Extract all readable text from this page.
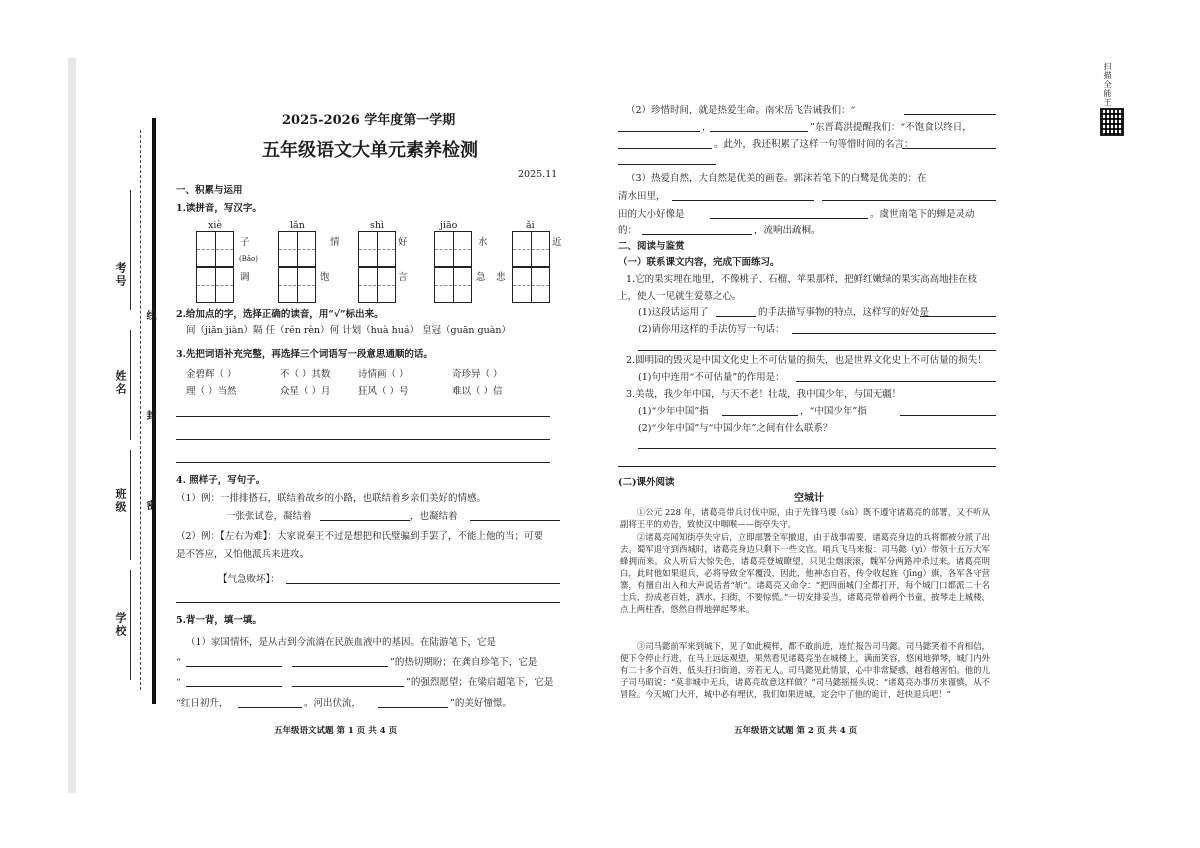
考号
姓名
班级
学校
线
封
密
2025-2026 学年度第一学期
五年级语文大单元素养检测
2025.11
一、积累与运用
1.读拼音，写汉字。
xiè	lǎn	shì	jiāo	ǎi
子	情	好	水	近
(Bǎo)
调	饱	言	急 悲
2.给加点的字，选择正确的读音，用“√”标出来。
间（jiān jiàn）隔 任（rén rèn）何 计划（huà huá） 皇冠（guān guàn）
3.先把词语补充完整，再选择三个词语写一段意思通顺的话。
金碧辉（ ）	不（ ）其数	诗情画（ ）	奇珍异（ ）
理（ ）当然	众星（ ）月	狂风（ ）号	难以（ ）信
4. 照样子，写句子。
（1）例：一排排搭石，联结着故乡的小路，也联结着乡亲们美好的情感。
一张张试卷，凝结着	，也凝结着
（2）例：【左右为难】：大家说秦王不过是想把和氏璧骗到手罢了，不能上他的当；可要
是不答应，又怕他派兵来进攻。
【气急败坏】：
5.背一背，填一填。
（1）家国情怀，是从古到今流淌在民族血液中的基因。在陆游笔下，它是
“	”的热切期盼；在龚自珍笔下，它是
“	”的强烈愿望；在梁启超笔下，它是
“红日初升，	。河出伏流，	”的美好憧憬。
五年级语文试题 第 1 页 共 4 页
（2）珍惜时间，就是热爱生命。南宋岳飞告诫我们：“
，	”东晋葛洪提醒我们：“不饱食以终日，
。此外，我还积累了这样一句等惜时间的名言：
（3）热爱自然，大自然是优美的画卷。郭沫若笔下的白鹭是优美的：在
清水田里，
田的大小好像是	。虞世南笔下的蝉是灵动
的：	，流响出疏桐。
二、阅读与鉴赏
（一）联系课文内容，完成下面练习。
1.它的果实埋在地里，不像桃子、石榴、苹果那样，把鲜红嫩绿的果实高高地挂在枝
上，使人一见就生爱慕之心。
(1)这段话运用了	的手法描写事物的特点，这样写的好处是
(2)请你用这样的手法仿写一句话：
2.圆明园的毁灭是中国文化史上不可估量的损失，也是世界文化史上不可估量的损失！
(1)句中连用“不可估量”的作用是：
3.美哉，我少年中国，与天不老！壮哉，我中国少年，与国无疆！
(1)“少年中国”指	，“中国少年”指
(2)“少年中国”与“中国少年”之间有什么联系？
(二)课外阅读
空城计
①公元 228 年，诸葛亮带兵讨伐中原，由于先锋马谡（sù）既不遵守诸葛亮的部署，又不听从副将王平的劝告，致使汉中咽喉——街亭失守。
②诸葛亮闻知街亭失守后，立即部署全军撤退，由于战事需要，诸葛亮身边的兵将都被分派了出去。蜀军退守到西城时，诸葛亮身边只剩下一些文官。哨兵飞马来报：司马懿（yì）带领十五万大军蜂拥而来。众人听后大惊失色，诸葛亮登城瞭望，只见尘烟滚滚，魏军分两路冲杀过来。诸葛亮明白，此时他如果退兵，必将导致全军覆没，因此，他神态自若，传令收起旌（jīng）旗，各军各守营寨，有擅自出入和大声说话者“斩”。诸葛亮又命令：“把四面城门全都打开，每个城门口都派二十名士兵，扮成老百姓，洒水、扫街，不要惊慌。”一切安排妥当，诸葛亮带着两个书童，披琴走上城楼，点上两柱香，悠然自得地弹起琴来。
③司马懿前军来到城下，见了如此模样，都不敢前进，连忙报告司马懿。司马懿笑着不肯相信，便下令停止行进，在马上远远观望，果然看见诸葛亮坐在城楼上，满面笑容，悠闲地弹琴，城门内外有二十多个百姓，低头打扫街道，旁若无人。司马懿见此情景，心中非常疑惑，越看越害怕。他的儿子司马昭说：“莫非城中无兵，诸葛亮故意这样做？”司马懿摇摇头说：“诸葛亮办事历来谨慎，从不冒险。今天城门大开，城中必有埋伏，我们如果进城，定会中了他的诡计，赶快退兵吧！”
五年级语文试题 第 2 页 共 4 页
扫描全能王
